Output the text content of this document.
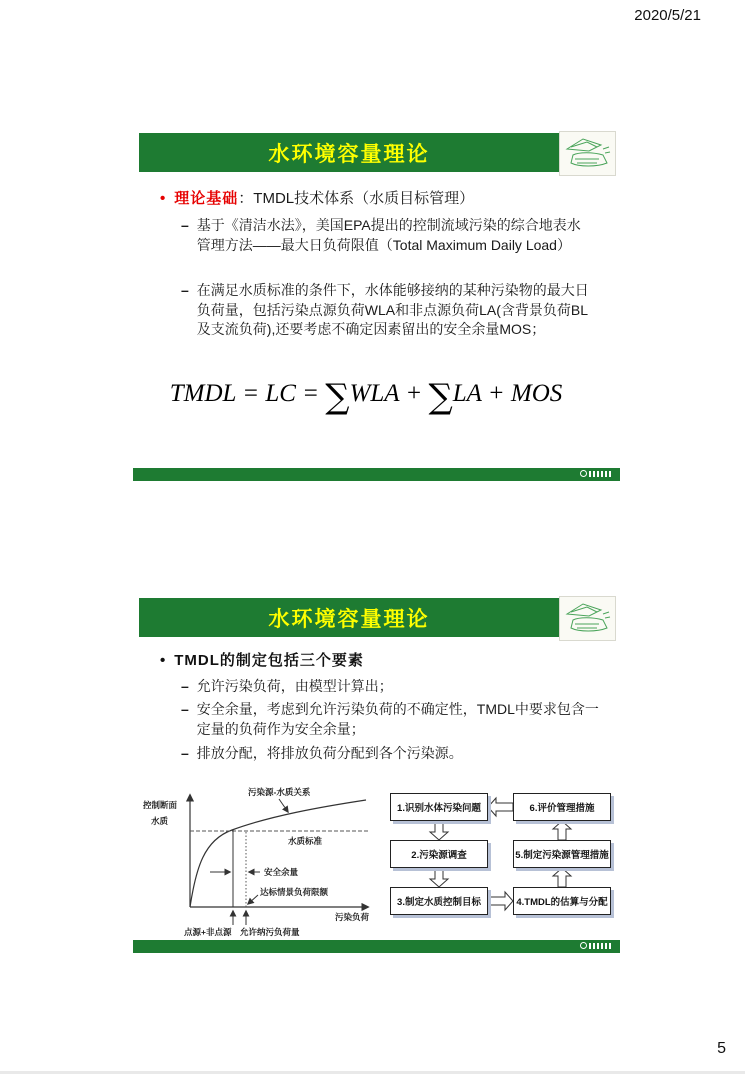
2020/5/21
5
水环境容量理论
• 理论基础：TMDL技术体系（水质目标管理）
– 基于《清洁水法》，美国EPA提出的控制流域污染的综合地表水管理方法——最大日负荷限值（Total Maximum Daily Load）
– 在满足水质标准的条件下，水体能够接纳的某种污染物的最大日负荷量，包括污染点源负荷WLA和非点源负荷LA(含背景负荷BL及支流负荷),还要考虑不确定因素留出的安全余量MOS；
TMDL = LC = ∑WLA + ∑LA + MOS
水环境容量理论
• TMDL的制定包括三个要素
– 允许污染负荷，由模型计算出；
– 安全余量，考虑到允许污染负荷的不确定性，TMDL中要求包含一定量的负荷作为安全余量；
– 排放分配，将排放负荷分配到各个污染源。
污染源-水质关系
控制断面
水质
水质标准
污染负荷
安全余量
达标情景负荷限额
点源+非点源 允许纳污负荷量
1.识别水体污染问题
2.污染源调查
3.制定水质控制目标
6.评价管理措施
5.制定污染源管理措施
4.TMDL的估算与分配
